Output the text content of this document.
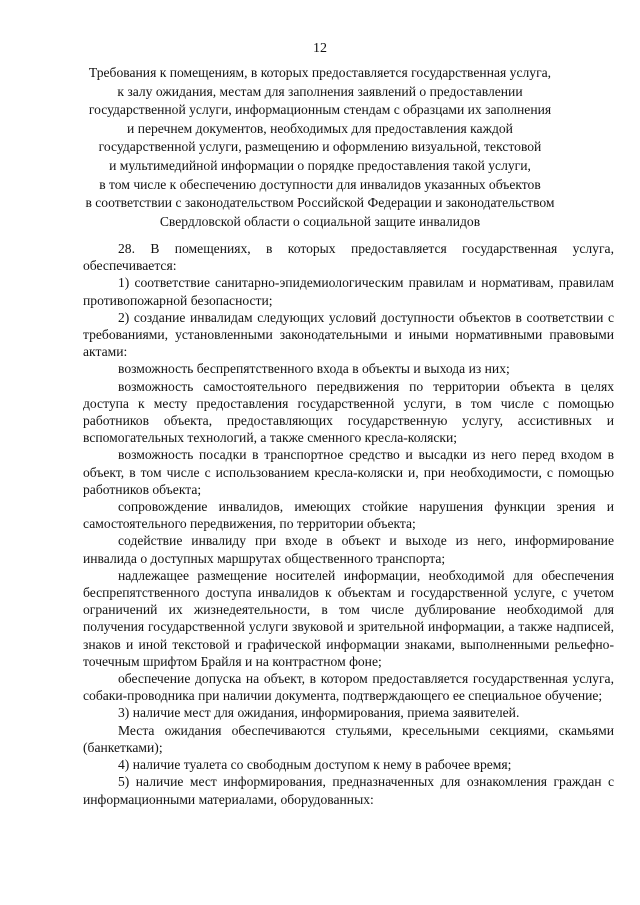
12
Требования к помещениям, в которых предоставляется государственная услуга,
к залу ожидания, местам для заполнения заявлений о предоставлении
государственной услуги, информационным стендам с образцами их заполнения
и перечнем документов, необходимых для предоставления каждой
государственной услуги, размещению и оформлению визуальной, текстовой
и мультимедийной информации о порядке предоставления такой услуги,
в том числе к обеспечению доступности для инвалидов указанных объектов
в соответствии с законодательством Российской Федерации и законодательством
Свердловской области о социальной защите инвалидов

28. В помещениях, в которых предоставляется государственная услуга, обеспечивается:

1) соответствие санитарно-эпидемиологическим правилам и нормативам, правилам противопожарной безопасности;

2) создание инвалидам следующих условий доступности объектов в соответствии с требованиями, установленными законодательными и иными нормативными правовыми актами:

возможность беспрепятственного входа в объекты и выхода из них;

возможность самостоятельного передвижения по территории объекта в целях доступа к месту предоставления государственной услуги, в том числе с помощью работников объекта, предоставляющих государственную услугу, ассистивных и вспомогательных технологий, а также сменного кресла-коляски;

возможность посадки в транспортное средство и высадки из него перед входом в объект, в том числе с использованием кресла-коляски и, при необходимости, с помощью работников объекта;

сопровождение инвалидов, имеющих стойкие нарушения функции зрения и самостоятельного передвижения, по территории объекта;

содействие инвалиду при входе в объект и выходе из него, информирование инвалида о доступных маршрутах общественного транспорта;

надлежащее размещение носителей информации, необходимой для обеспечения беспрепятственного доступа инвалидов к объектам и государственной услуге, с учетом ограничений их жизнедеятельности, в том числе дублирование необходимой для получения государственной услуги звуковой и зрительной информации, а также надписей, знаков и иной текстовой и графической информации знаками, выполненными рельефно-точечным шрифтом Брайля и на контрастном фоне;

обеспечение допуска на объект, в котором предоставляется государственная услуга, собаки-проводника при наличии документа, подтверждающего ее специальное обучение;

3) наличие мест для ожидания, информирования, приема заявителей.

Места ожидания обеспечиваются стульями, кресельными секциями, скамьями (банкетками);

4) наличие туалета со свободным доступом к нему в рабочее время;

5) наличие мест информирования, предназначенных для ознакомления граждан с информационными материалами, оборудованных:
